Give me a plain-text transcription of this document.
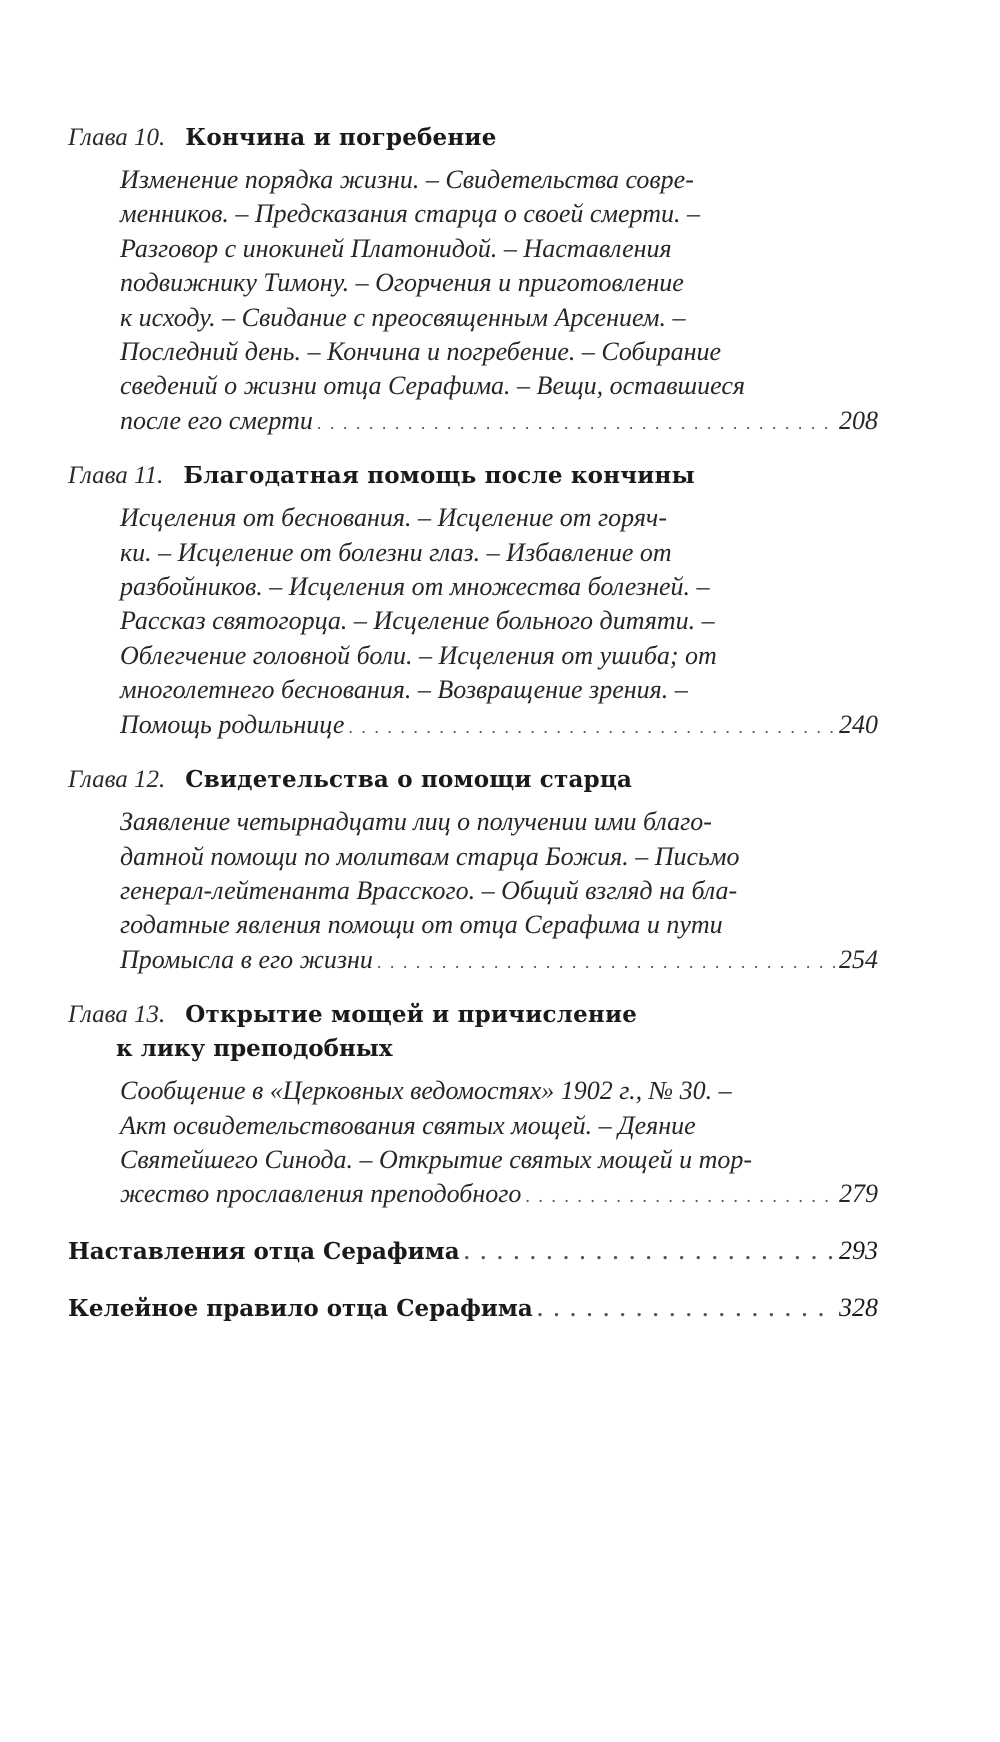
Глава 10. Кончина и погребение
Изменение порядка жизни. – Свидетельства совре-
менников. – Предсказания старца о своей смерти. –
Разговор с инокиней Платонидой. – Наставления
подвижнику Тимону. – Огорчения и приготовление
к исходу. – Свидание с преосвященным Арсением. –
Последний день. – Кончина и погребение. – Собирание
сведений о жизни отца Серафима. – Вещи, оставшиеся
после его смерти . . .	208
Глава 11. Благодатная помощь после кончины
Исцеления от беснования. – Исцеление от горяч-
ки. – Исцеление от болезни глаз. – Избавление от
разбойников. – Исцеления от множества болезней. –
Рассказ святогорца. – Исцеление больного дитяти. –
Облегчение головной боли. – Исцеления от ушиба; от
многолетнего беснования. – Возвращение зрения. –
Помощь родильнице . . .	240
Глава 12. Свидетельства о помощи старца
Заявление четырнадцати лиц о получении ими благо-
датной помощи по молитвам старца Божия. – Письмо
генерал-лейтенанта Врасского. – Общий взгляд на бла-
годатные явления помощи от отца Серафима и пути
Промысла в его жизни . . .	254
Глава 13. Открытие мощей и причисление
к лику преподобных
Сообщение в «Церковных ведомостях» 1902 г., № 30. –
Акт освидетельствования святых мощей. – Деяние
Святейшего Синода. – Открытие святых мощей и тор-
жество прославления преподобного . . .	279
Наставления отца Серафима . . .	293
Келейное правило отца Серафима . . .	328
